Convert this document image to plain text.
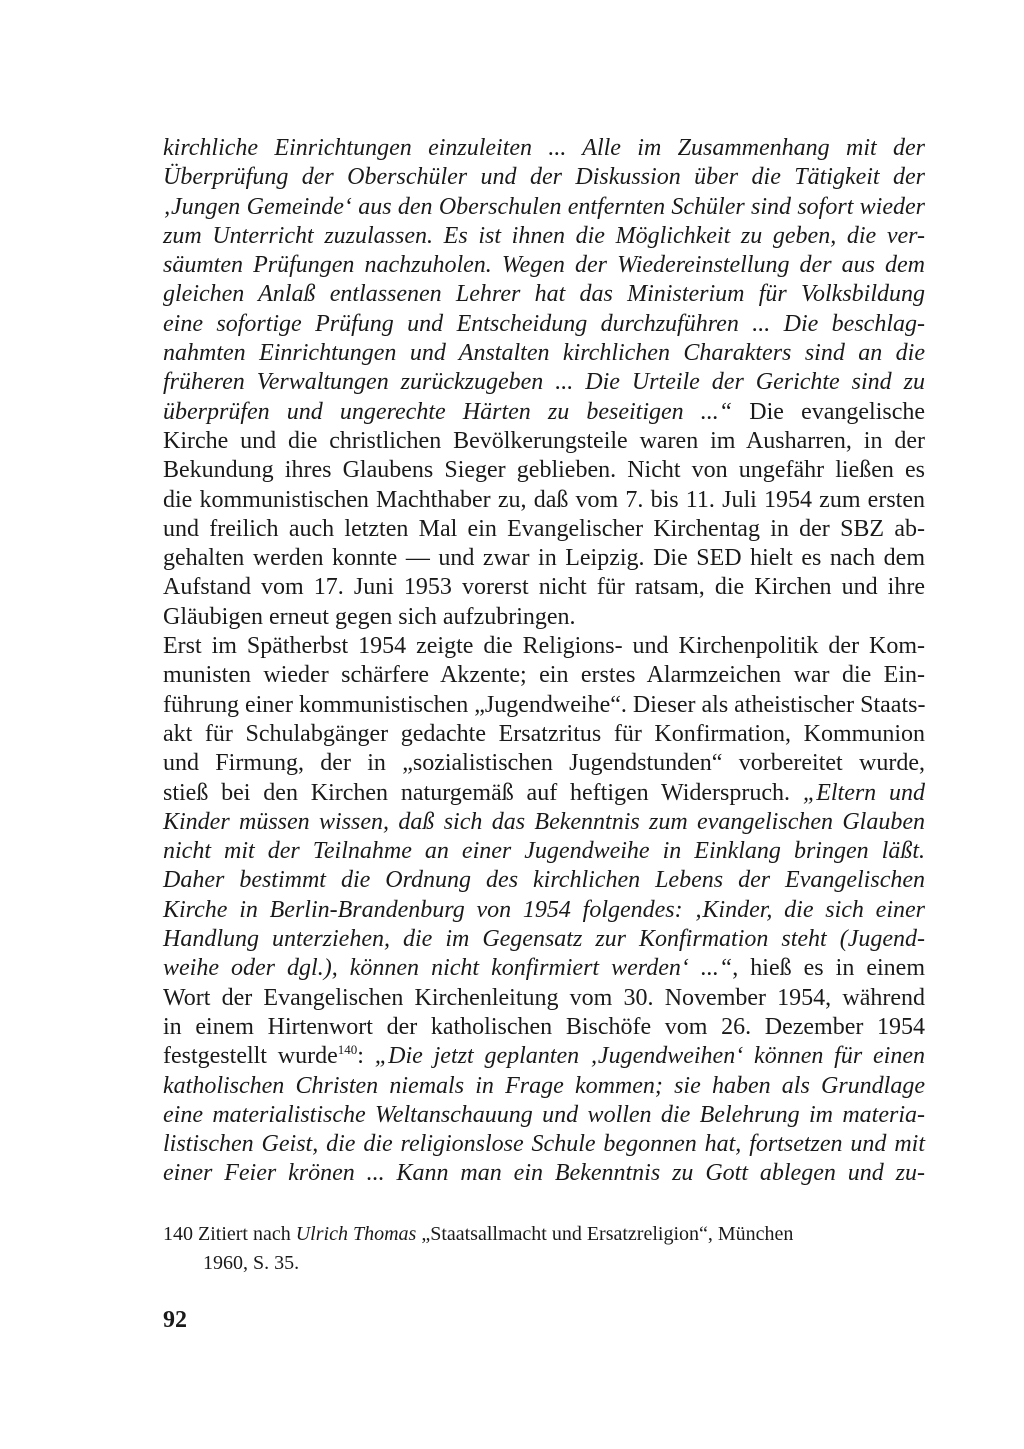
kirchliche Einrichtungen einzuleiten ... Alle im Zusammenhang mit der
Überprüfung der Oberschüler und der Diskussion über die Tätigkeit der
‚Jungen Gemeinde‘ aus den Oberschulen entfernten Schüler sind sofort wieder
zum Unterricht zuzulassen. Es ist ihnen die Möglichkeit zu geben, die ver-
säumten Prüfungen nachzuholen. Wegen der Wiedereinstellung der aus dem
gleichen Anlaß entlassenen Lehrer hat das Ministerium für Volksbildung
eine sofortige Prüfung und Entscheidung durchzuführen ... Die beschlag-
nahmten Einrichtungen und Anstalten kirchlichen Charakters sind an die
früheren Verwaltungen zurückzugeben ... Die Urteile der Gerichte sind zu
überprüfen und ungerechte Härten zu beseitigen ...“ Die evangelische
Kirche und die christlichen Bevölkerungsteile waren im Ausharren, in der
Bekundung ihres Glaubens Sieger geblieben. Nicht von ungefähr ließen es
die kommunistischen Machthaber zu, daß vom 7. bis 11. Juli 1954 zum ersten
und freilich auch letzten Mal ein Evangelischer Kirchentag in der SBZ ab-
gehalten werden konnte — und zwar in Leipzig. Die SED hielt es nach dem
Aufstand vom 17. Juni 1953 vorerst nicht für ratsam, die Kirchen und ihre
Gläubigen erneut gegen sich aufzubringen.
Erst im Spätherbst 1954 zeigte die Religions- und Kirchenpolitik der Kom-
munisten wieder schärfere Akzente; ein erstes Alarmzeichen war die Ein-
führung einer kommunistischen „Jugendweihe“. Dieser als atheistischer Staats-
akt für Schulabgänger gedachte Ersatzritus für Konfirmation, Kommunion
und Firmung, der in „sozialistischen Jugendstunden“ vorbereitet wurde,
stieß bei den Kirchen naturgemäß auf heftigen Widerspruch. „Eltern und
Kinder müssen wissen, daß sich das Bekenntnis zum evangelischen Glauben
nicht mit der Teilnahme an einer Jugendweihe in Einklang bringen läßt.
Daher bestimmt die Ordnung des kirchlichen Lebens der Evangelischen
Kirche in Berlin-Brandenburg von 1954 folgendes: ‚Kinder, die sich einer
Handlung unterziehen, die im Gegensatz zur Konfirmation steht (Jugend-
weihe oder dgl.), können nicht konfirmiert werden‘ ...“, hieß es in einem
Wort der Evangelischen Kirchenleitung vom 30. November 1954, während
in einem Hirtenwort der katholischen Bischöfe vom 26. Dezember 1954
festgestellt wurde$^{140}$: „Die jetzt geplanten ‚Jugendweihen‘ können für einen
katholischen Christen niemals in Frage kommen; sie haben als Grundlage
eine materialistische Weltanschauung und wollen die Belehrung im materia-
listischen Geist, die die religionslose Schule begonnen hat, fortsetzen und mit
einer Feier krönen ... Kann man ein Bekenntnis zu Gott ablegen und zu-
140 Zitiert nach Ulrich Thomas „Staatsallmacht und Ersatzreligion“, München
1960, S. 35.
92
